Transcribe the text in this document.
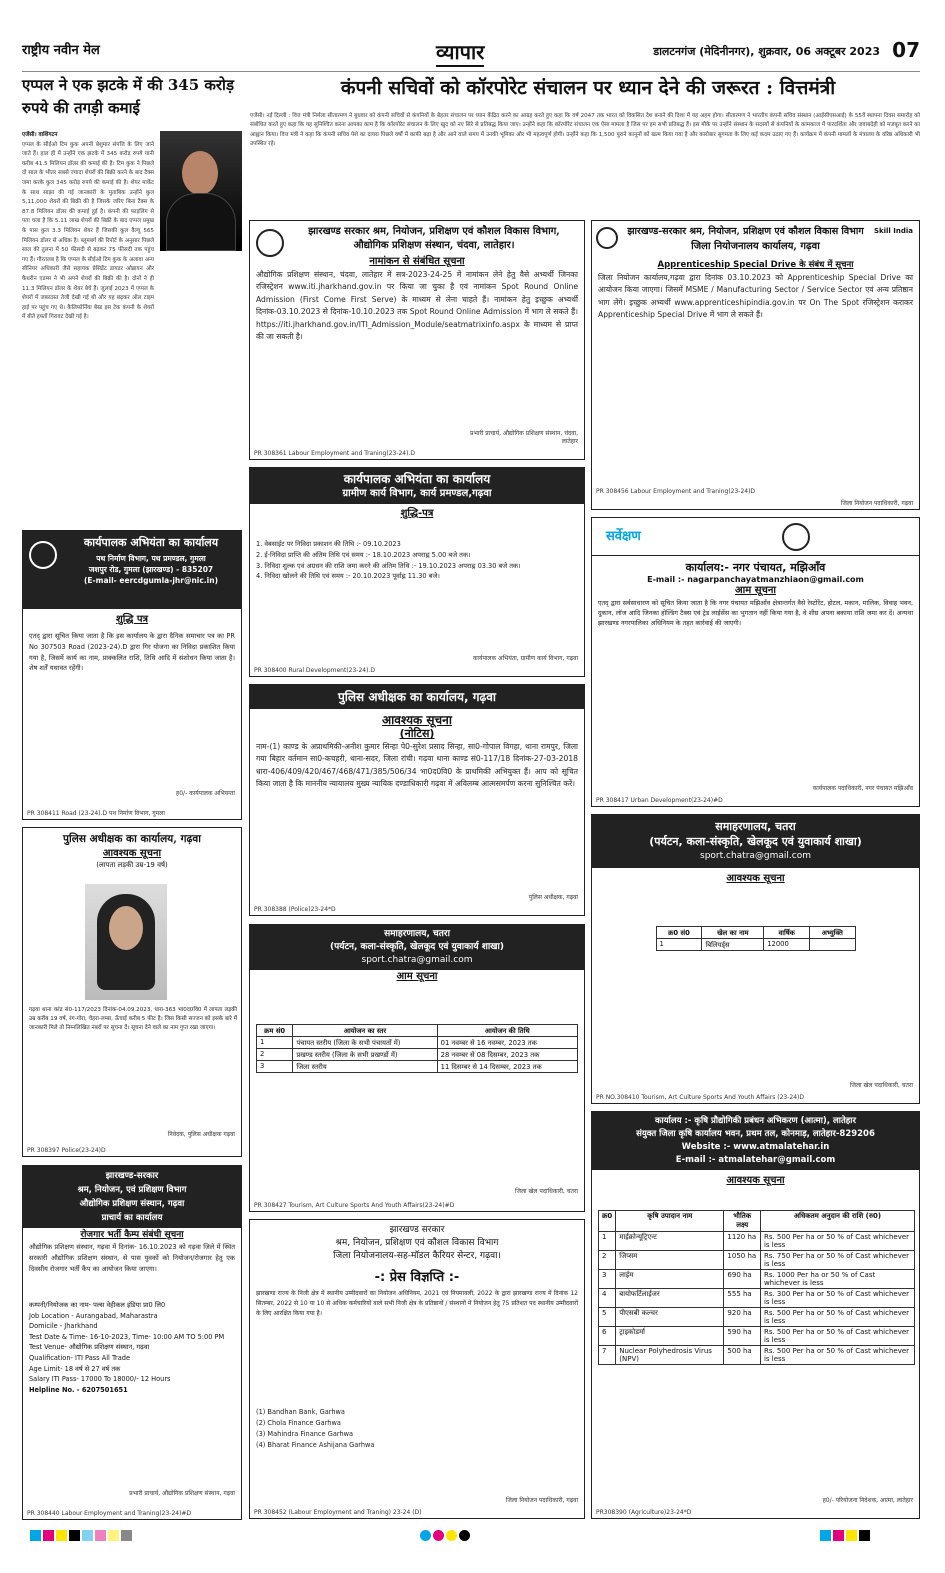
राष्ट्रीय नवीन मेल	व्यापार	डालटनगंज (मेदिनीनगर), शुक्रवार, 06 अक्टूबर 2023 07
एप्पल ने एक झटके में की 345 करोड़ रुपये की तगड़ी कमाई
एजेंसी। वाशिंगटन
एप्पल के सीईओ टिम कुक अपनी बेशुमार संपत्ति के लिए जाने जाते हैं। हाल ही में उन्होंने एक झटके में 345 करोड़ रुपये यानी करीब 41.5 मिलियन डॉलर की कमाई की है। टिम कुक ने पिछले दो साल के भीतर सबसे ज्यादा शेयरों की बिक्री करने के बाद टैक्स जमा करके कुल 345 करोड़ रुपये की कमाई की है। शेयर मार्केट के साथ साझा की गई जानकारी के मुताबिक उन्होंने कुल 5,11,000 शेयरों की बिक्री की है जिसके जरिए बिना टैक्स के 87.8 मिलियन डॉलर की कमाई हुई है। कंपनी की फाइलिंग से पता चला है कि 5.11 लाख शेयरों की बिक्री के बाद एप्पल प्रमुख के पास कुल 3.3 मिलियन शेयर हैं जिसकी कुल वैल्यू 565 मिलियन डॉलर से अधिक है। ब्लूमबर्ग की रिपोर्ट के अनुसार पिछले साल की तुलना में 50 फीसदी से बढ़कर 75 फीसदी तक पहुंच गए हैं। गौरतलब है कि एप्पल के सीईओ टिम कुक के अलावा अन्य सीनियर अधिकारी जैसे सहायक प्रेसिडेंट डायडर ओब्रायन और कैथरीन एडम्स ने भी अपने शेयरों की बिक्री की है। दोनों ने ही 11.3 मिलियन डॉलर के शेयर बेचे हैं। जुलाई 2023 में एप्पल के शेयरों में जबरदस्त तेजी देखी गई थी और यह बढ़कर ऑल टाइम हाई पर पहुंच गए थे। कैलिफोर्निया बेस्ड इस टेक कंपनी के शेयरों में बीते हफ्तों गिरावट देखी गई है।
कंपनी सचिवों को कॉरपोरेट संचालन पर ध्यान देने की जरूरत : वित्तमंत्री
एजेंसी। नई दिल्ली : वित्त मंत्री निर्मला सीतारमण ने बुधवार को कंपनी सचिवों से कंपनियों के बेहतर संचालन पर ध्यान केंद्रित करने का आग्रह करते हुए कहा कि वर्ष 2047 तक भारत को विकसित देश बनाने की दिशा में यह अहम होगा। सीतारमण ने भारतीय कंपनी सचिव संस्थान (आईसीएसआई) के 55वें स्थापना दिवस समारोह को संबोधित करते हुए कहा कि यह सुनिश्चित करना आपका काम है कि कॉरपोरेट संचालन के लिए खुद को नए सिरे से प्रतिबद्ध किया जाए। उन्होंने कहा कि कॉरपोरेट संचालन एक ऐसा मामला है जिस पर हम सभी प्रतिबद्ध हैं। इस मौके पर उन्होंने संस्थान के सदस्यों से कंपनियों के कामकाज में पारदर्शिता और जवाबदेही को मजबूत करने का आह्वान किया। वित्त मंत्री ने कहा कि कंपनी सचिव पेशे का दायरा पिछले वर्षों में काफी बढ़ा है और आने वाले समय में उनकी भूमिका और भी महत्वपूर्ण होगी। उन्होंने कहा कि 1,500 पुराने कानूनों को खत्म किया गया है और कारोबार सुगमता के लिए कई कदम उठाए गए हैं। कार्यक्रम में कंपनी मामलों के मंत्रालय के वरिष्ठ अधिकारी भी उपस्थित रहे।
कार्यपालक अभियंता का कार्यालय
पथ निर्माण विभाग, पथ प्रमण्डल, गुमला
जशपुर रोड, गुमला (झारखण्ड) - 835207
(E-mail- eercdgumla-jhr@nic.in)
शुद्धि पत्र
एतद् द्वारा सूचित किया जाता है कि इस कार्यालय के द्वारा दैनिक समाचार पत्र का PR No 307503 Road (2023-24).D द्वारा गिर योजना का निविदा प्रकाशित किया गया है, जिसमें कार्य का नाम, प्राक्कलित राशि, तिथि आदि में संशोधन किया जाता है। शेष शर्तें यथावत रहेंगी।
ह0/- कार्यपालक अभियन्ता
PR 308411 Road (23-24).D पथ निर्माण विभाग, गुमला
पुलिस अधीक्षक का कार्यालय, गढ़वा
आवश्यक सूचना
(लापता लड़की उम्र-19 वर्ष)
गढ़वा थाना कांड सं0-117/2023 दिनांक-04.09.2023, धारा-363 भा0द0वि0 में लापता लड़की उम्र करीब 19 वर्ष, रंग-गोरा, चेहरा-लम्बा, ऊँचाई करीब 5 फीट है। जिस किसी सज्जन को इसके बारे में जानकारी मिले तो निम्नलिखित नंबरों पर सूचना दें। सूचना देने वाले का नाम गुप्त रखा जाएगा।
निवेदक, पुलिस अधीक्षक गढ़वा
PR 308397 Police(23-24)D
झारखण्ड-सरकार
श्रम, नियोजन, एवं प्रशिक्षण विभाग
औद्योगिक प्रशिक्षण संस्थान, गढ़वा
प्राचार्य का कार्यालय
रोजगार भर्ती कैम्प संबंधी सूचना
औद्योगिक प्रशिक्षण संस्थान, गढ़वा में दिनांक- 16.10.2023 को गढ़वा जिले में स्थित सरकारी औद्योगिक प्रशिक्षण संस्थान, से पास युवकों को नियोजन/रोजगार हेतु एक दिवसीय रोजगार भर्ती कैंप का आयोजन किया जाएगा।
कम्पनी/नियोजक का नाम- पल्स वेहीकल इंडिया प्रा0 लि0
Job Location - Aurangabad, Maharastra
Domicile - Jharkhand
Test Date & Time- 16-10-2023, Time- 10:00 AM TO 5:00 PM
Test Venue- औद्योगिक प्रशिक्षण संस्थान, गढ़वा
Qualification- ITI Pass All Trade
Age Limit- 18 वर्ष से 27 वर्ष तक
Salary ITI Pass- 17000 To 18000/- 12 Hours
Helpline No. - 6207501651
प्रभारी प्राचार्य, औद्योगिक प्रशिक्षण संस्थान, गढ़वा
PR 308440 Labour Employment and Traning(23-24)#D
झारखण्ड सरकार श्रम, नियोजन, प्रशिक्षण एवं कौशल विकास विभाग, औद्योगिक प्रशिक्षण संस्थान, चंदवा, लातेहार।
नामांकन से संबंधित सूचना
औद्योगिक प्रशिक्षण संस्थान, चंदवा, लातेहार में सत्र-2023-24-25 में नामांकन लेने हेतु वैसे अभ्यर्थी जिनका रजिस्ट्रेशन www.iti.jharkhand.gov.in पर किया जा चुका है एवं नामांकन Spot Round Online Admission (First Come First Serve) के माध्यम से लेना चाहते हैं। नामांकन हेतु इच्छुक अभ्यर्थी दिनांक-03.10.2023 से दिनांक-10.10.2023 तक Spot Round Online Admission में भाग ले सकते हैं। https://iti.jharkhand.gov.in/ITI_Admission_Module/seatmatrixinfo.aspx के माध्यम से प्राप्त की जा सकती है।
प्रभारी प्राचार्य, औद्योगिक प्रशिक्षण संस्थान, चंदवा, लातेहार
PR 308361 Labour Employment and Traning(23-24).D
कार्यपालक अभियंता का कार्यालय
ग्रामीण कार्य विभाग, कार्य प्रमण्डल,गढ़वा
शुद्धि-पत्र
1. वेबसाईट पर निविदा प्रकाशन की तिथि :- 09.10.2023
2. ई-निविदा प्राप्ति की अंतिम तिथि एवं समय :- 18.10.2023 अपराह्न 5.00 बजे तक।
3. निविदा शुल्क एवं अग्रधन की राशि जमा करने की अंतिम तिथि :- 19.10.2023 अपराह्न 03.30 बजे तक।
4. निविदा खोलने की तिथि एवं समय :- 20.10.2023 पूर्वाह्न 11.30 बजे।
कार्यपालक अभियंता, ग्रामीण कार्य विभाग, गढ़वा
PR 308400 Rural Development(23-24).D
पुलिस अधीक्षक का कार्यालय, गढ़वा
आवश्यक सूचना
(नोटिस)
नाम-(1) काण्ड के अप्राथमिकी-अनीश कुमार सिन्हा पे0-सुरेश प्रसाद सिन्हा, सा0-गोपाल विगहा, थाना रामपुर, जिला गया बिहार वर्तमान सा0-कचहरी, थाना-सदर, जिला रांची। गढ़वा थाना काण्ड सं0-117/18 दिनांक-27-03-2018 धारा-406/409/420/467/468/471/385/506/34 भा0द0वि0 के प्राथमिकी अभियुक्त हैं। आप को सूचित किया जाता है कि माननीय न्यायालय मुख्य न्यायिक दण्डाधिकारी गढ़वा में अविलम्ब आत्मसमर्पण करना सुनिश्चित करें।
पुलिस अधीक्षक, गढ़वा
PR 308388 (Police)23-24*D
समाहरणालय, चतरा
(पर्यटन, कला-संस्कृति, खेलकूद एवं युवाकार्य शाखा)
sport.chatra@gmail.com
आम सूचना
क्रम सं0	आयोजन का स्तर	आयोजन की तिथि
1	पंचायत स्तरीय (जिला के सभी पंचायतों में)	01 नवम्बर से 16 नवम्बर, 2023 तक
2	प्रखण्ड स्तरीय (जिला के सभी प्रखण्डों में)	28 नवम्बर से 08 दिसम्बर, 2023 तक
3	जिला स्तरीय	11 दिसम्बर से 14 दिसम्बर, 2023 तक
जिला खेल पदाधिकारी, चतरा
PR 308427 Tourism, Art Culture Sports And Youth Affairs(23-24)#D
झारखण्ड सरकार
श्रम, नियोजन, प्रशिक्षण एवं कौशल विकास विभाग
जिला नियोजनालय-सह-मॉडल कैरियर सेन्टर, गढ़वा।
-: प्रेस विज्ञप्ति :-
झारखण्ड राज्य के निजी क्षेत्र में स्थानीय उम्मीदवारों का नियोजन अधिनियम, 2021 एवं नियमावली, 2022 के द्वारा झारखण्ड राज्य में दिनांक 12 सितम्बर, 2022 से 10 या 10 से अधिक कर्मचारियों वाले सभी निजी क्षेत्र के प्रतिष्ठानों / संस्थानों में नियोजन हेतु 75 प्रतिशत पद स्थानीय उम्मीदवारों के लिए आरक्षित किया गया है।
(1) Bandhan Bank, Garhwa
(2) Chola Finance Garhwa
(3) Mahindra Finance Garhwa
(4) Bharat Finance Ashijana Garhwa
जिला नियोजन पदाधिकारी, गढ़वा
PR 308452 (Labour Employment and Traning) 23-24 (D)
झारखण्ड-सरकार श्रम, नियोजन, प्रशिक्षण एवं कौशल विकास विभाग	Sk​ill India
जिला नियोजनालय कार्यालय, गढ़वा
Apprenticeship Special Drive के संबंध में सूचना
जिला नियोजन कार्यालय,गढ़वा द्वारा दिनांक 03.10.2023 को Apprenticeship Special Drive का आयोजन किया जाएगा। जिसमें MSME / Manufacturing Sector / Service Sector एवं अन्य प्रतिष्ठान भाग लेंगे। इच्छुक अभ्यर्थी www.apprenticeshipindia.gov.in पर On The Spot रजिस्ट्रेशन कराकर Apprenticeship Special Drive में भाग ले सकते हैं।
जिला नियोजन पदाधिकारी, गढ़वा
PR 308456 Labour Employment and Traning(23-24)D
सर्वेक्षण
कार्यालय:- नगर पंचायत, मझिआँव
E-mail :- nagarpanchayatmanzhiaon@gmail.com
आम सूचना
एतद् द्वारा सर्वसाधारण को सूचित किया जाता है कि नगर पंचायत मझिआँव क्षेत्रान्तर्गत वैसे रेस्टोरेंट, होटल, मकान, मालिक, विवाह भवन, दुकान, लॉज आदि जिनका होल्डिंग टैक्स एवं ट्रेड लाईसेंस का भुगतान नहीं किया गया है, वे शीघ्र अपना बकाया राशि जमा कर दें। अन्यथा झारखण्ड नगरपालिका अधिनियम के तहत कार्रवाई की जाएगी।
कार्यपालक पदाधिकारी, नगर पंचायत मझिआँव
PR 308417 Urban Development(23-24)#D
समाहरणालय, चतरा
(पर्यटन, कला-संस्कृति, खेलकूद एवं युवाकार्य शाखा)
sport.chatra@gmail.com
आवश्यक सूचना
क्र0 सं0	खेल का नाम	वार्षिक	अभ्युक्ति
1	बिलियर्ड्स	12000	
जिला खेल पदाधिकारी, चतरा
PR NO.308410 Tourism, Art Culture Sports And Youth Affairs (23-24)D
कार्यालय :- कृषि प्रौद्योगिकी प्रबंधन अभिकरण (आत्मा), लातेहार
संयुक्त जिला कृषि कार्यालय भवन, प्रथम तल, कोनमाड़, लातेहार-829206
Website :- www.atmalatehar.in
E-mail :- atmalatehar@gmail.com
आवश्यक सूचना
क्र0	कृषि उपादान नाम	भौतिक लक्ष्य	अधिकतम अनुदान की राशि (रु0)
1	माईक्रोन्यूट्रिएन्ट	1120 ha	Rs. 500 Per ha or 50 % of Cast whichever is less
2	जिप्सम	1050 ha	Rs. 750 Per ha or 50 % of Cast whichever is less
3	लाईम	690 ha	Rs. 1000 Per ha or 50 % of Cast whichever is less
4	बायोफर्टिलाईजर	555 ha	Rs. 300 Per ha or 50 % of Cast whichever is less
5	पीएसबी कल्चर	920 ha	Rs. 500 Per ha or 50 % of Cast whichever is less
6	ट्राइकोडर्मा	590 ha	Rs. 500 Per ha or 50 % of Cast whichever is less
7	Nuclear Polyhedrosis Virus (NPV)	500 ha	Rs. 500 Per ha or 50 % of Cast whichever is less
ह0/- परियोजना निदेशक, आत्मा, लातेहार
PR308390 (Agriculture)23-24*D
